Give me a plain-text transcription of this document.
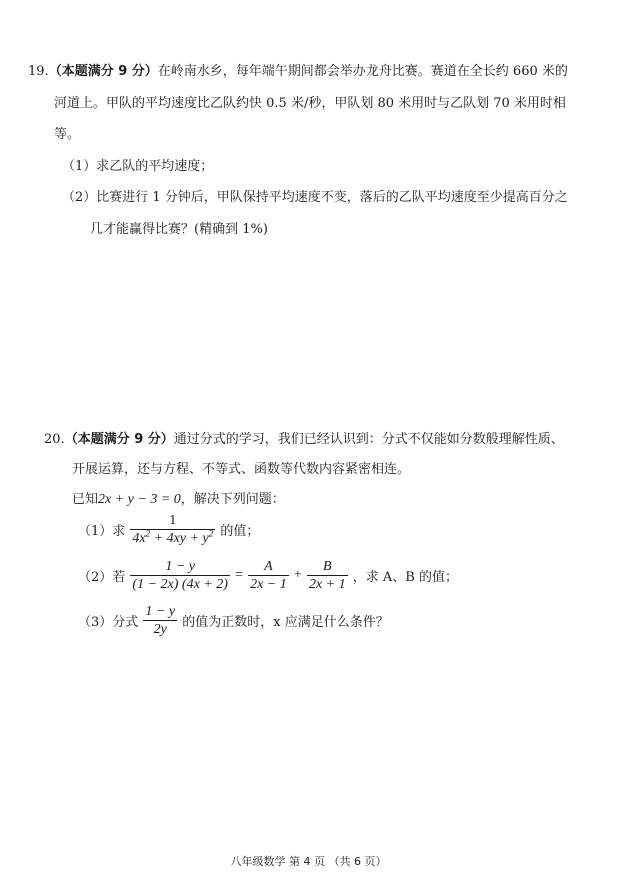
19.（本题满分 9 分）在岭南水乡，每年端午期间都会举办龙舟比赛。赛道在全长约 660 米的
河道上。甲队的平均速度比乙队约快 0.5 米/秒，甲队划 80 米用时与乙队划 70 米用时相
等。
（1）求乙队的平均速度；
（2）比赛进行 1 分钟后，甲队保持平均速度不变，落后的乙队平均速度至少提高百分之
几才能赢得比赛？(精确到 1%)
20.（本题满分 9 分）通过分式的学习，我们已经认识到：分式不仅能如分数般理解性质、
开展运算，还与方程、不等式、函数等代数内容紧密相连。
已知2x + y − 3 = 0，解决下列问题：
（1）求 $\frac{1}{4x^2 + 4xy + y^2}$ 的值；
（2）若 $\frac{1 - y}{(1 - 2x) (4x + 2)} = \frac{A}{2x - 1} + \frac{B}{2x + 1}$ ，求 A、B 的值；
（3）分式 $\frac{1 - y}{2y}$ 的值为正数时，x 应满足什么条件？
八年级数学 第 4 页 （共 6 页）
